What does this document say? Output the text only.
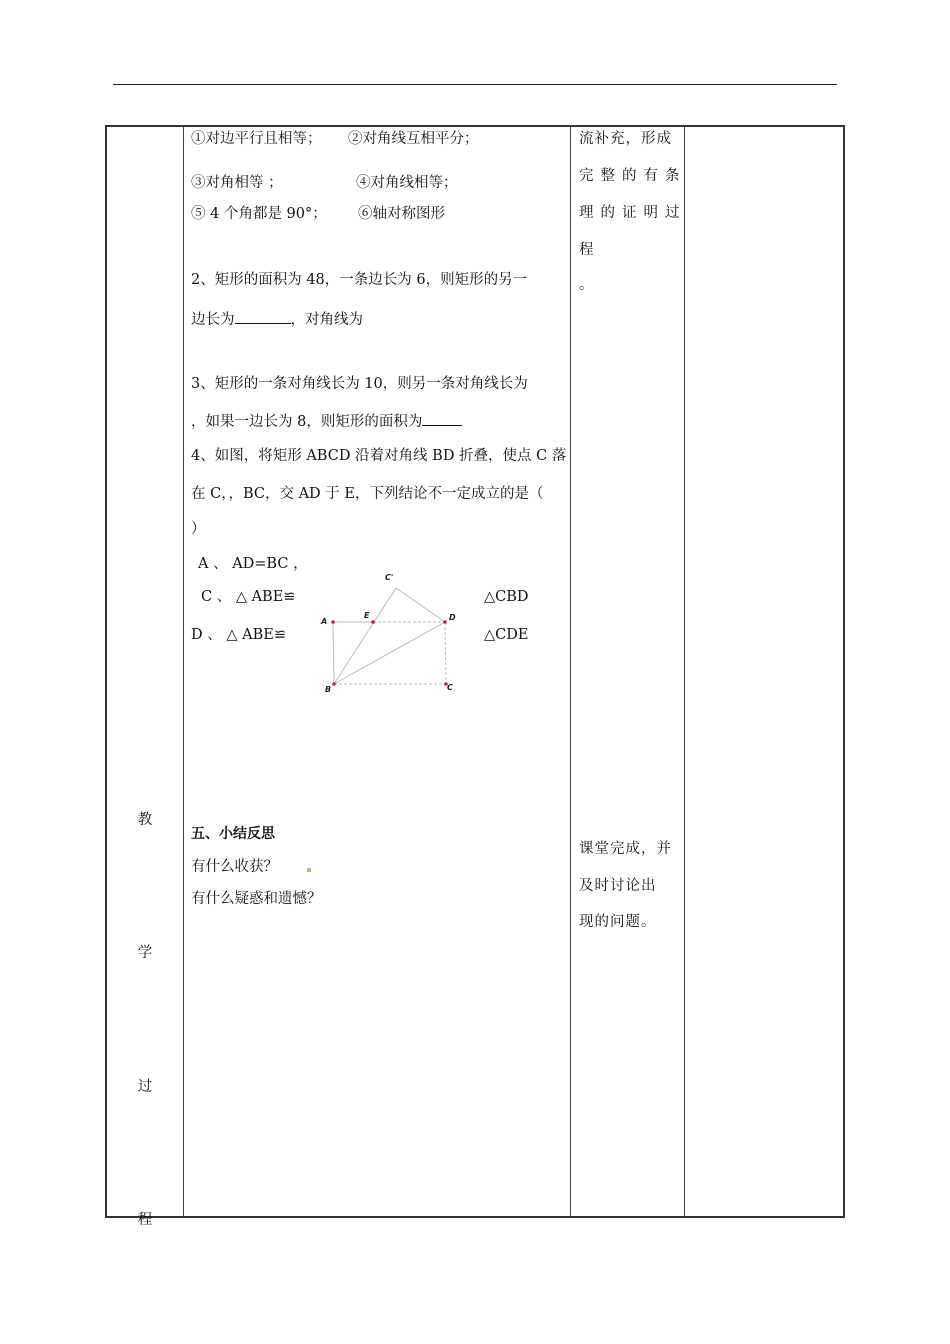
教
学
过
程
①对边平行且相等； ②对角线互相平分；
③对角相等 ；	④对角线相等；
⑤ 4 个角都是 90°； ⑥轴对称图形
2、矩形的面积为 48，一条边长为 6，则矩形的另一
边长为	，对角线为
3、矩形的一条对角线长为 10，则另一条对角线长为
，如果一边长为 8，则矩形的面积为
4、如图，将矩形 ABCD 沿着对角线 BD 折叠，使点 C 落
在 C，，BC，交 AD 于 E，下列结论不一定成立的是（
）
A 、 AD=BC ，
C 、 △ ABE≌	△CBD
D 、 △ ABE≌	△CDE
A
E	D
B	C
C'
五、小结反思
有什么收获？
有什么疑惑和遗憾？
流补充，形成
完整的有条
理的证明过
程
。
课堂完成，并
及时讨论出
现的问题。
